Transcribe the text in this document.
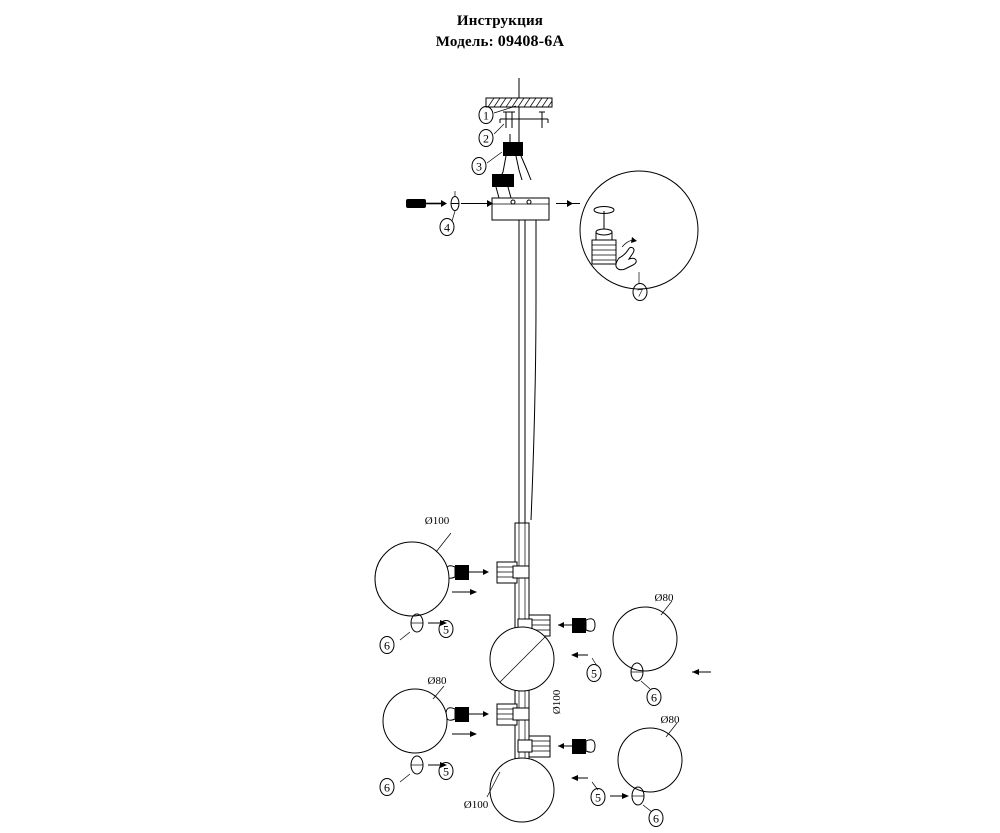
Инструкция
Модель: 09408-6A
1
2
3
4
7
5
6
5
6
5
6
5
6
Ø100
Ø80
Ø100
Ø80
Ø80
Ø100
